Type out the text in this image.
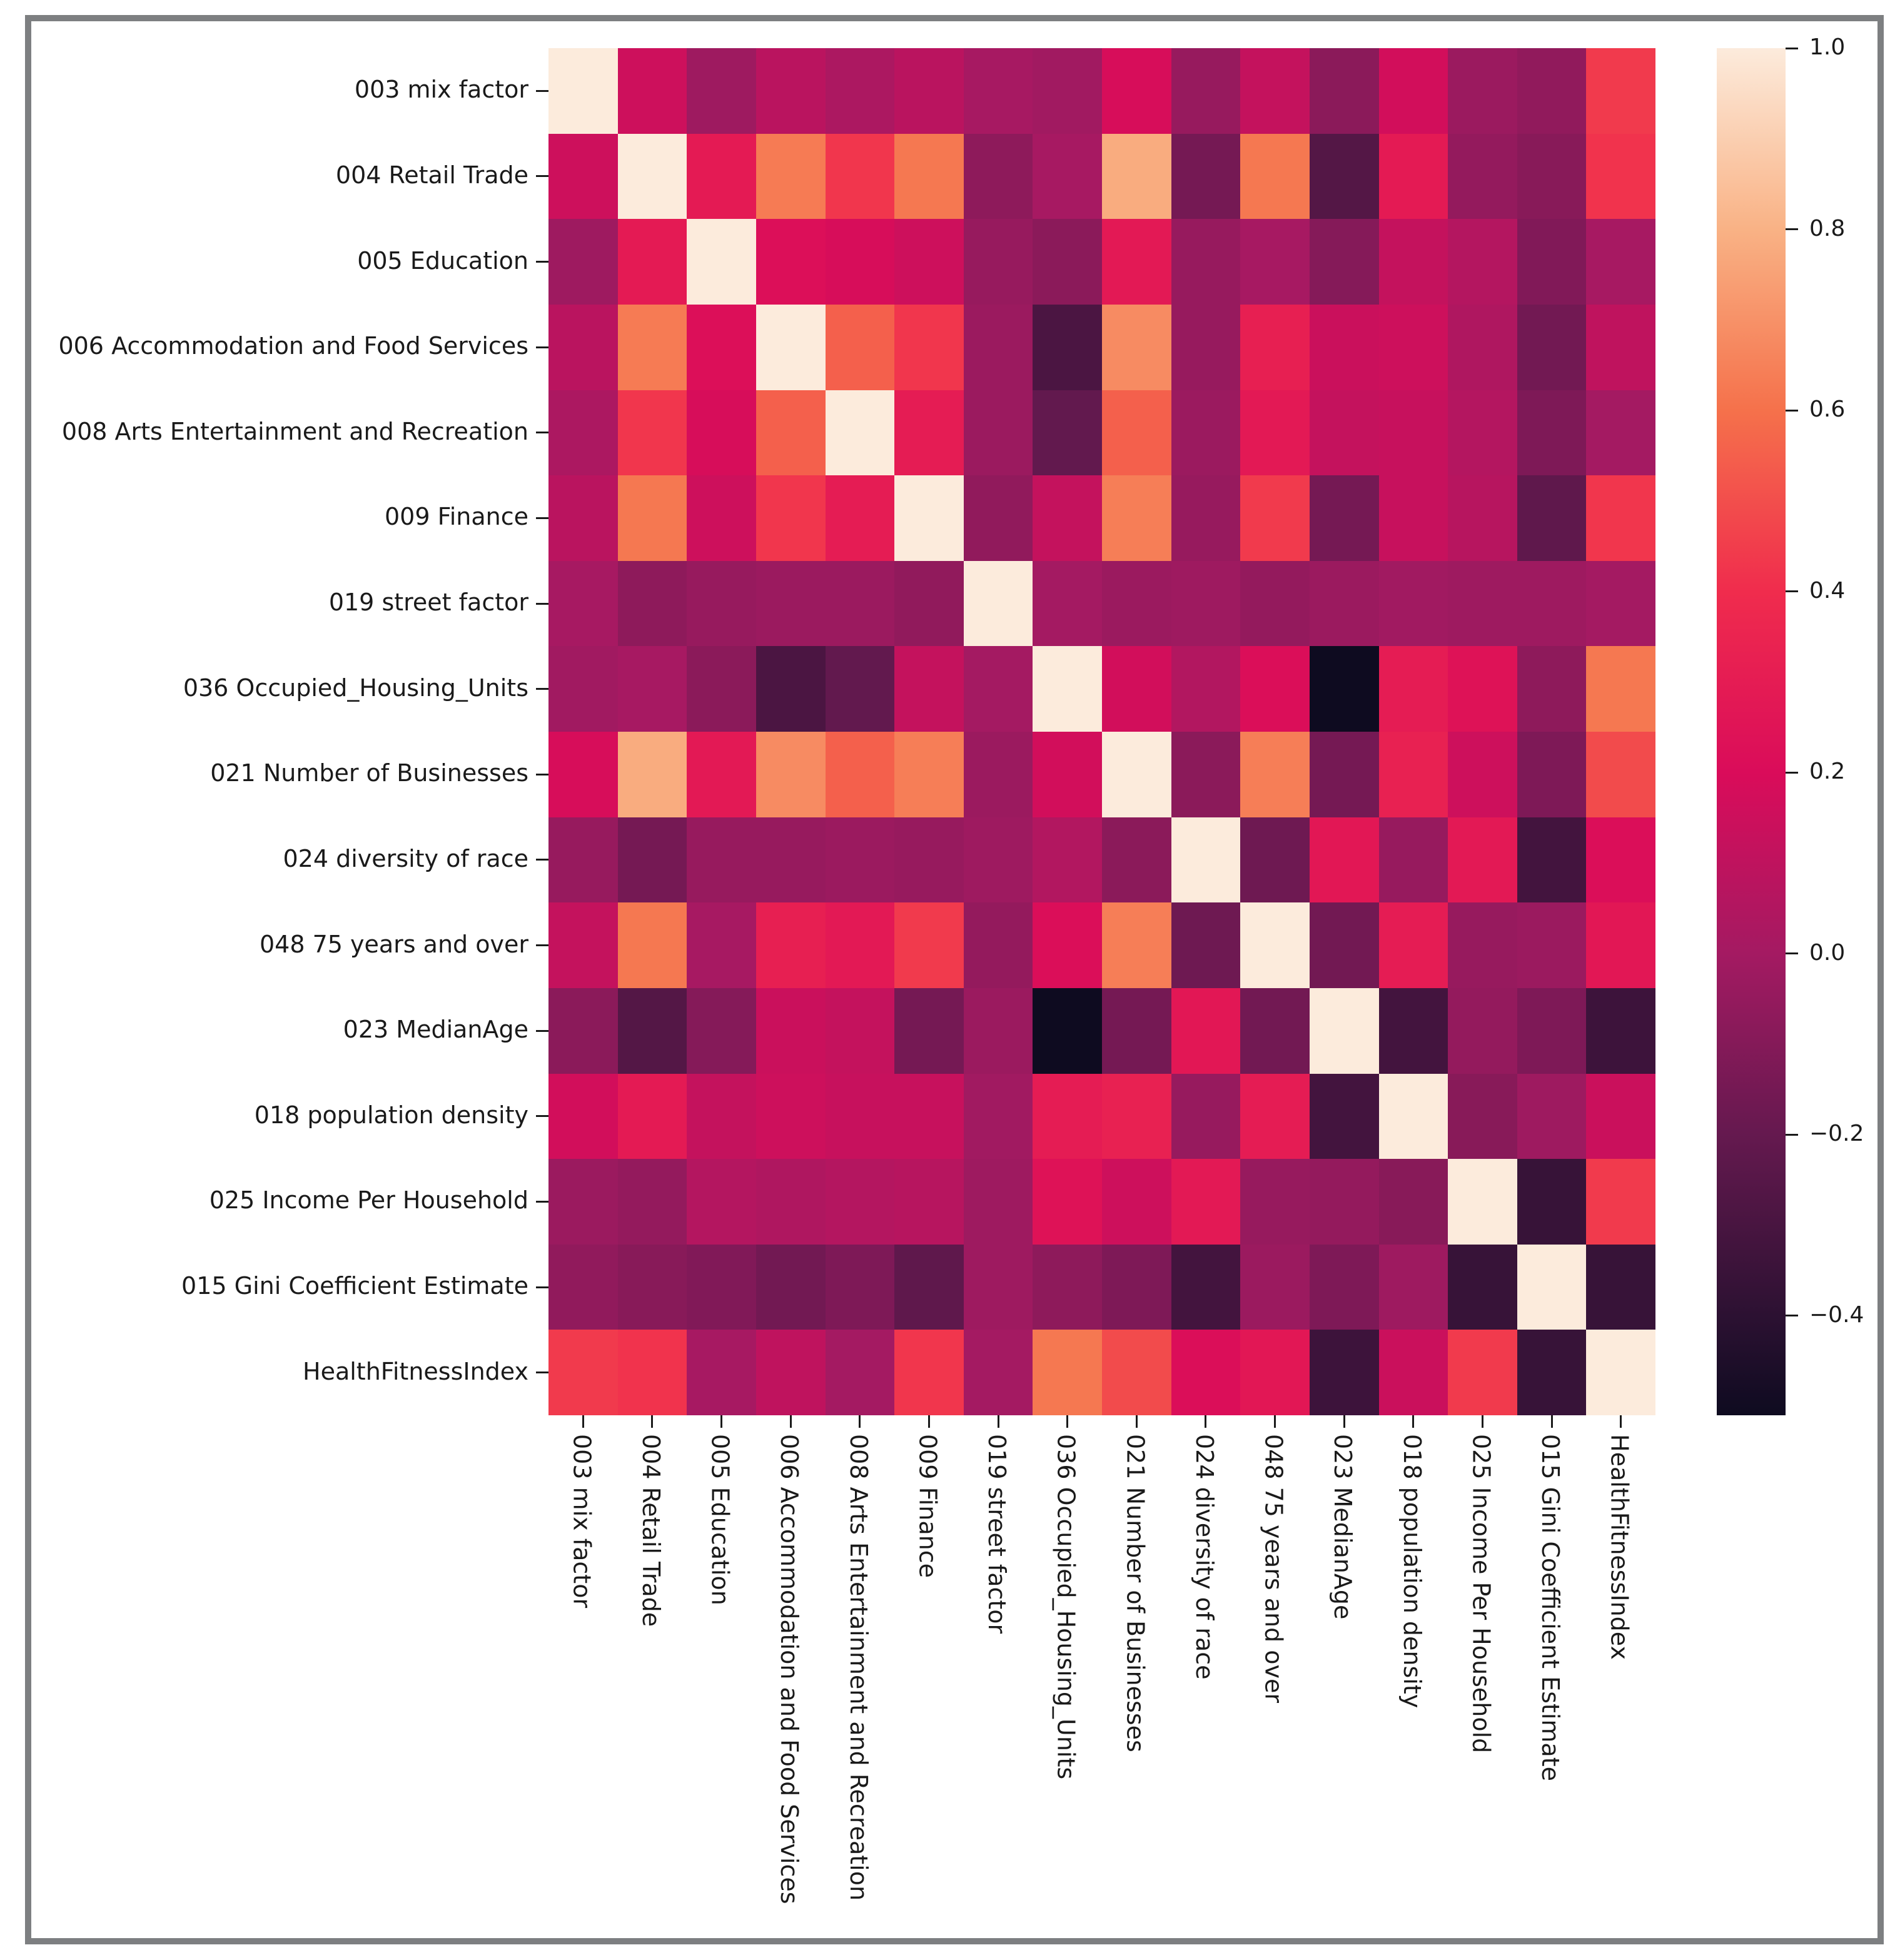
003 mix factor
004 Retail Trade
005 Education
006 Accommodation and Food Services
008 Arts Entertainment and Recreation
009 Finance
019 street factor
036 Occupied_Housing_Units
021 Number of Businesses
024 diversity of race
048 75 years and over
023 MedianAge
018 population density
025 Income Per Household
015 Gini Coefficient Estimate
HealthFitnessIndex
003 mix factor 004 Retail Trade 005 Education 006 Accommodation and Food Services 008 Arts Entertainment and Recreation 009 Finance 019 street factor 036 Occupied_Housing_Units 021 Number of Businesses 024 diversity of race 048 75 years and over 023 MedianAge 018 population density 025 Income Per Household 015 Gini Coefficient Estimate HealthFitnessIndex
1.0
0.8
0.6
0.4
0.2
0.0
−0.2
−0.4
